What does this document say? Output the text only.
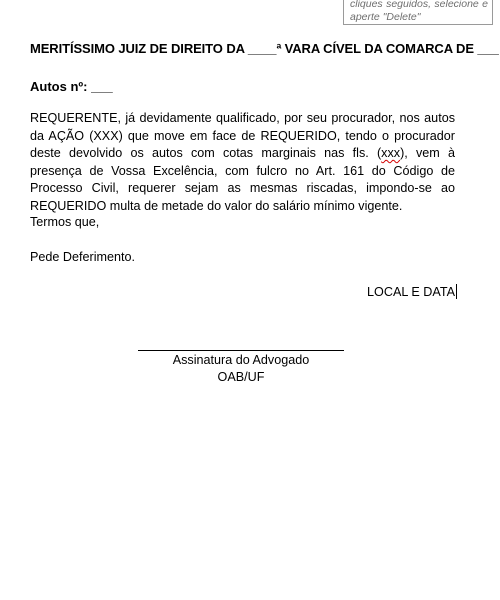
cliques seguidos, selecione e
aperte "Delete"
MERITÍSSIMO JUIZ DE DIREITO DA ____ª VARA CÍVEL DA COMARCA DE ___
Autos nº: ___
REQUERENTE, já devidamente qualificado, por seu procurador, nos autos da AÇÃO (XXX) que move em face de REQUERIDO, tendo o procurador deste devolvido os autos com cotas marginais nas fls. (xxx), vem à presença de Vossa Excelência, com fulcro no Art. 161 do Código de Processo Civil, requerer sejam as mesmas riscadas, impondo-se ao REQUERIDO multa de metade do valor do salário mínimo vigente.
Termos que,
Pede Deferimento.
LOCAL E DATA
Assinatura do Advogado
OAB/UF
